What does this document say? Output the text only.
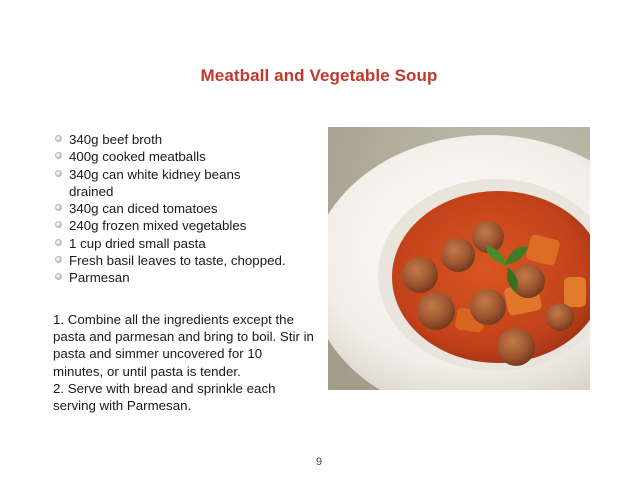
Meatball and Vegetable Soup
340g beef broth
400g cooked meatballs
340g can white kidney beans
drained
340g can diced tomatoes
240g frozen mixed vegetables
1 cup dried small pasta
Fresh basil leaves to taste, chopped.
Parmesan

1. Combine all the ingredients except the pasta and parmesan and bring to boil. Stir in pasta and simmer uncovered for 10 minutes, or until pasta is tender.

2. Serve with bread and sprinkle each serving with Parmesan.

9
